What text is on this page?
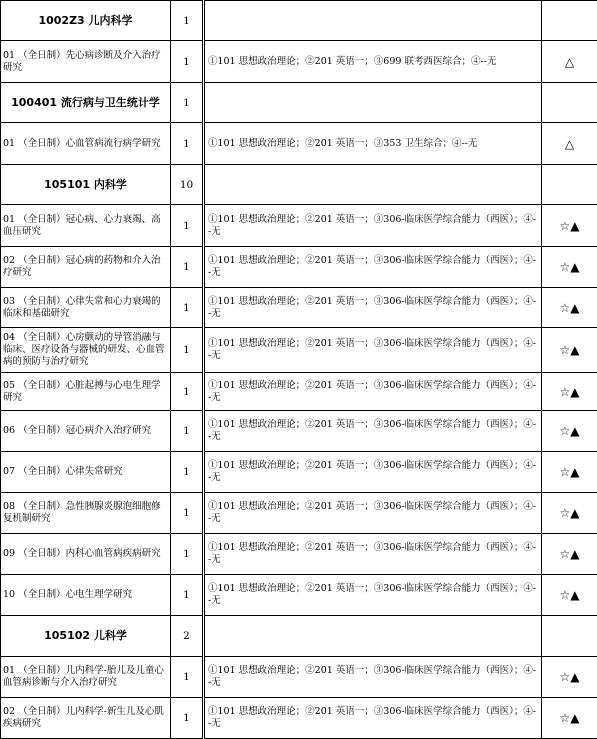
1002Z3 儿内科学	1		
01 （全日制）先心病诊断及介入治疗研究	1	①101 思想政治理论；②201 英语一；③699 联考西医综合；④--无	△
100401 流行病与卫生统计学	1		
01 （全日制）心血管病流行病学研究	1	①101 思想政治理论；②201 英语一；③353 卫生综合；④--无	△
105101 内科学	10		
01 （全日制）冠心病、心力衰竭、高血压研究	1	①101 思想政治理论；②201 英语一；③306-临床医学综合能力（西医）；④--无	☆▲
02 （全日制）冠心病的药物和介入治疗研究	1	①101 思想政治理论；②201 英语一；③306-临床医学综合能力（西医）；④--无	☆▲
03 （全日制）心律失常和心力衰竭的临床和基础研究	1	①101 思想政治理论；②201 英语一；③306-临床医学综合能力（西医）；④--无	☆▲
04 （全日制）心房颤动的导管消融与临床、医疗设备与器械的研发、心血管病的预防与治疗研究	1	①101 思想政治理论；②201 英语一；③306-临床医学综合能力（西医）；④--无	☆▲
05 （全日制）心脏起搏与心电生理学研究	1	①101 思想政治理论；②201 英语一；③306-临床医学综合能力（西医）；④--无	☆▲
06 （全日制）冠心病介入治疗研究	1	①101 思想政治理论；②201 英语一；③306-临床医学综合能力（西医）；④--无	☆▲
07 （全日制）心律失常研究	1	①101 思想政治理论；②201 英语一；③306-临床医学综合能力（西医）；④--无	☆▲
08 （全日制）急性胰腺炎腺泡细胞修复机制研究	1	①101 思想政治理论；②201 英语一；③306-临床医学综合能力（西医）；④--无	☆▲
09 （全日制）内科心血管病疾病研究	1	①101 思想政治理论；②201 英语一；③306-临床医学综合能力（西医）；④--无	☆▲
10 （全日制）心电生理学研究	1	①101 思想政治理论；②201 英语一；③306-临床医学综合能力（西医）；④--无	☆▲
105102 儿科学	2		
01 （全日制）儿内科学-胎儿及儿童心血管病诊断与介入治疗研究	1	①101 思想政治理论；②201 英语一；③306-临床医学综合能力（西医）；④--无	☆▲
02 （全日制）儿内科学-新生儿及心肌疾病研究	1	①101 思想政治理论；②201 英语一；③306-临床医学综合能力（西医）；④--无	☆▲
